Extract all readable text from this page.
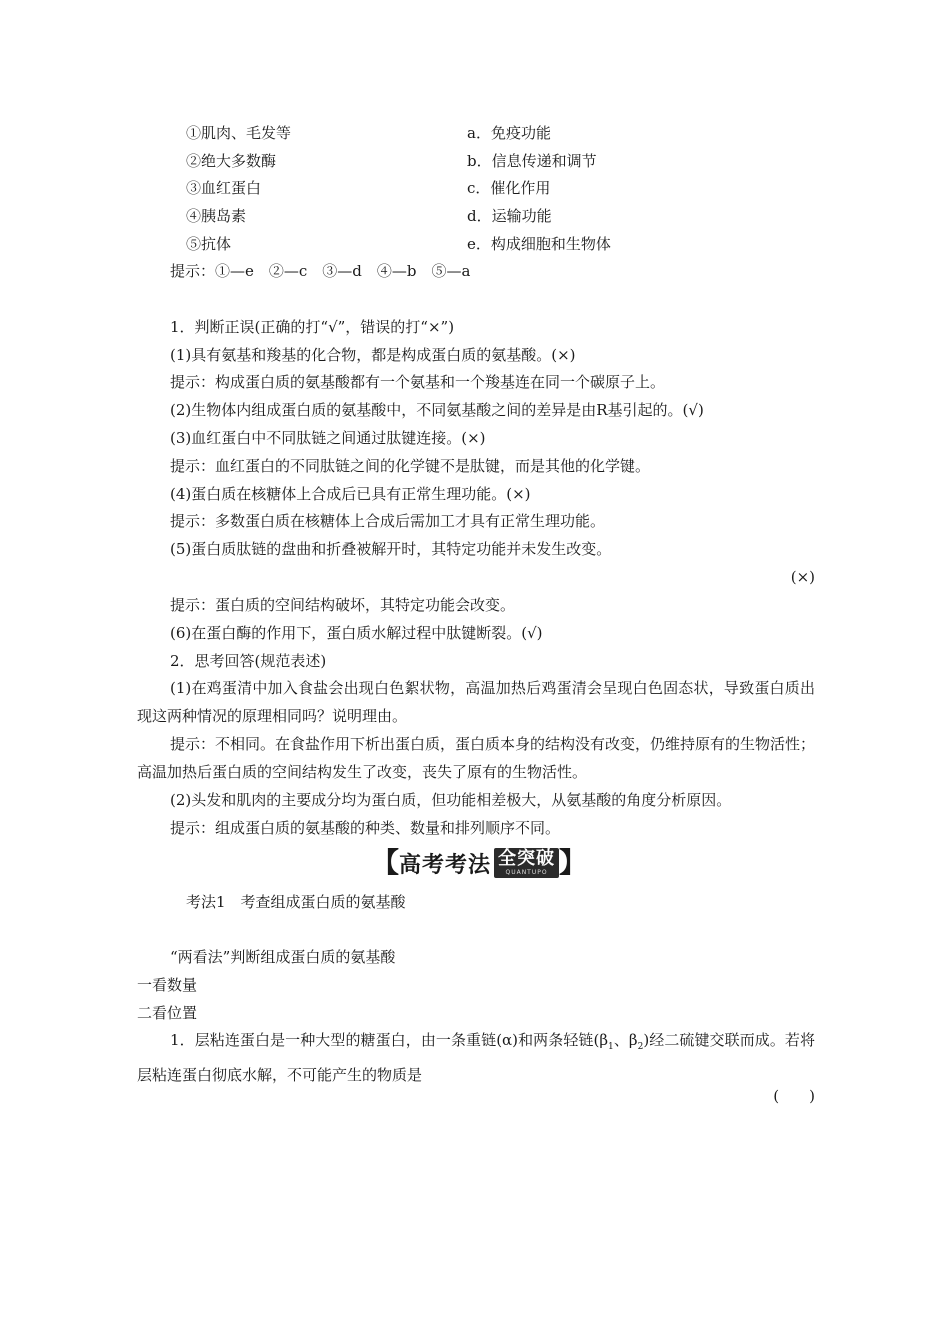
①肌肉、毛发等	a．免疫功能
②绝大多数酶	b．信息传递和调节
③血红蛋白	c．催化作用
④胰岛素	d．运输功能
⑤抗体	e．构成细胞和生物体
提示：①—e　②—c　③—d　④—b　⑤—a
1．判断正误(正确的打“√”，错误的打“×”)
(1)具有氨基和羧基的化合物，都是构成蛋白质的氨基酸。(×)
提示：构成蛋白质的氨基酸都有一个氨基和一个羧基连在同一个碳原子上。
(2)生物体内组成蛋白质的氨基酸中，不同氨基酸之间的差异是由R基引起的。(√)
(3)血红蛋白中不同肽链之间通过肽键连接。(×)
提示：血红蛋白的不同肽链之间的化学键不是肽键，而是其他的化学键。
(4)蛋白质在核糖体上合成后已具有正常生理功能。(×)
提示：多数蛋白质在核糖体上合成后需加工才具有正常生理功能。
(5)蛋白质肽链的盘曲和折叠被解开时，其特定功能并未发生改变。
(×)
提示：蛋白质的空间结构破坏，其特定功能会改变。
(6)在蛋白酶的作用下，蛋白质水解过程中肽键断裂。(√)
2．思考回答(规范表述)
(1)在鸡蛋清中加入食盐会出现白色絮状物，高温加热后鸡蛋清会呈现白色固态状，导致蛋白质出现这两种情况的原理相同吗？说明理由。
提示：不相同。在食盐作用下析出蛋白质，蛋白质本身的结构没有改变，仍维持原有的生物活性；高温加热后蛋白质的空间结构发生了改变，丧失了原有的生物活性。
(2)头发和肌肉的主要成分均为蛋白质，但功能相差极大，从氨基酸的角度分析原因。
提示：组成蛋白质的氨基酸的种类、数量和排列顺序不同。
【 高考考法 全突破
QUANTUPO 】
考法1　考查组成蛋白质的氨基酸
“两看法”判断组成蛋白质的氨基酸
一看数量
二看位置
1．层粘连蛋白是一种大型的糖蛋白，由一条重链(α)和两条轻链($\beta_1$、$\beta_2$)经二硫键交联而成。若将层粘连蛋白彻底水解，不可能产生的物质是
(　　)
